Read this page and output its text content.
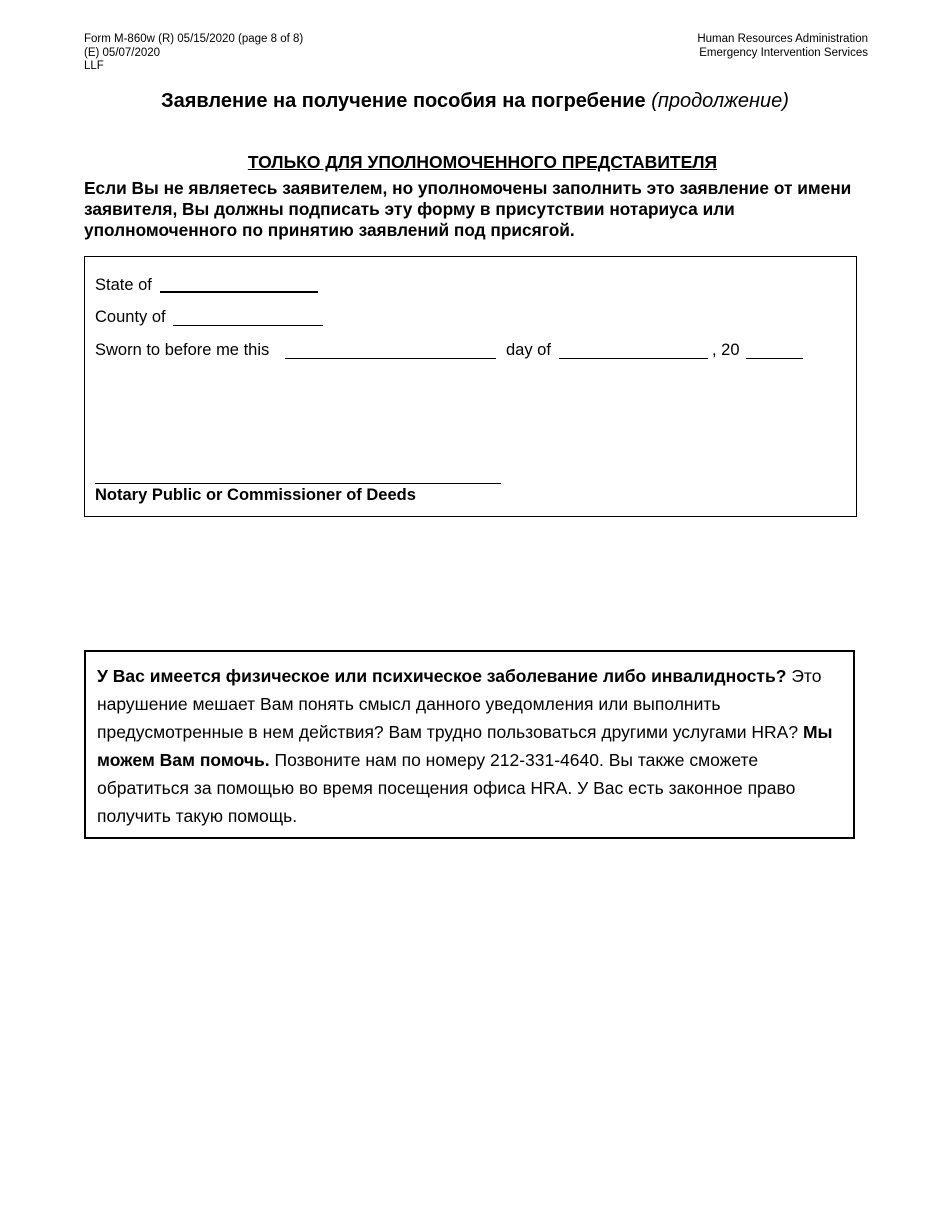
Form M-860w (R) 05/15/2020 (page 8 of 8)
(E) 05/07/2020
LLF
Human Resources Administration
Emergency Intervention Services
Заявление на получение пособия на погребение (продолжение)
ТОЛЬКО ДЛЯ УПОЛНОМОЧЕННОГО ПРЕДСТАВИТЕЛЯ
Если Вы не являетесь заявителем, но уполномочены заполнить это заявление от имени заявителя, Вы должны подписать эту форму в присутствии нотариуса или уполномоченного по принятию заявлений под присягой.
State of
County of
Sworn to before me this	day of	, 20
Notary Public or Commissioner of Deeds
У Вас имеется физическое или психическое заболевание либо инвалидность? Это нарушение мешает Вам понять смысл данного уведомления или выполнить предусмотренные в нем действия? Вам трудно пользоваться другими услугами HRA? Мы можем Вам помочь. Позвоните нам по номеру 212-331-4640. Вы также сможете обратиться за помощью во время посещения офиса HRA. У Вас есть законное право получить такую помощь.
